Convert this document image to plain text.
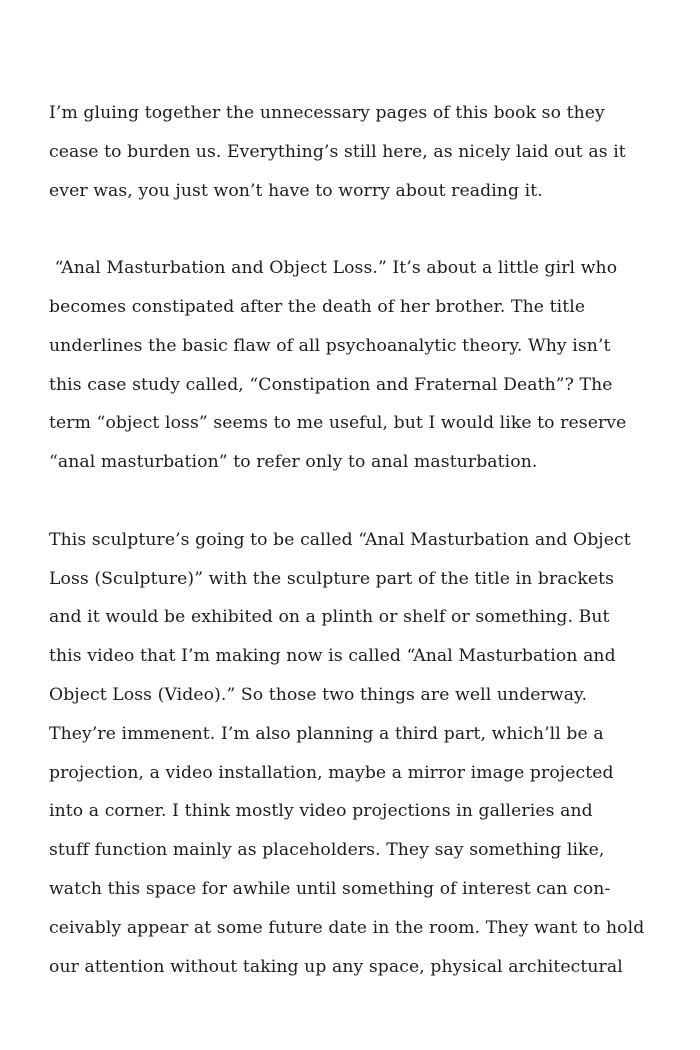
I’m gluing together the unnecessary pages of this book so they
cease to burden us. Everything’s still here, as nicely laid out as it
ever was, you just won’t have to worry about reading it.
“Anal Masturbation and Object Loss.” It’s about a little girl who
becomes constipated after the death of her brother. The title
underlines the basic flaw of all psychoanalytic theory. Why isn’t
this case study called, “Constipation and Fraternal Death”? The
term “object loss” seems to me useful, but I would like to reserve
“anal masturbation” to refer only to anal masturbation.
This sculpture’s going to be called “Anal Masturbation and Object
Loss (Sculpture)” with the sculpture part of the title in brackets
and it would be exhibited on a plinth or shelf or something. But
this video that I’m making now is called “Anal Masturbation and
Object Loss (Video).” So those two things are well underway.
They’re immenent. I’m also planning a third part, which’ll be a
projection, a video installation, maybe a mirror image projected
into a corner. I think mostly video projections in galleries and
stuff function mainly as placeholders. They say something like,
watch this space for awhile until something of interest can con-
ceivably appear at some future date in the room. They want to hold
our attention without taking up any space, physical architectural
